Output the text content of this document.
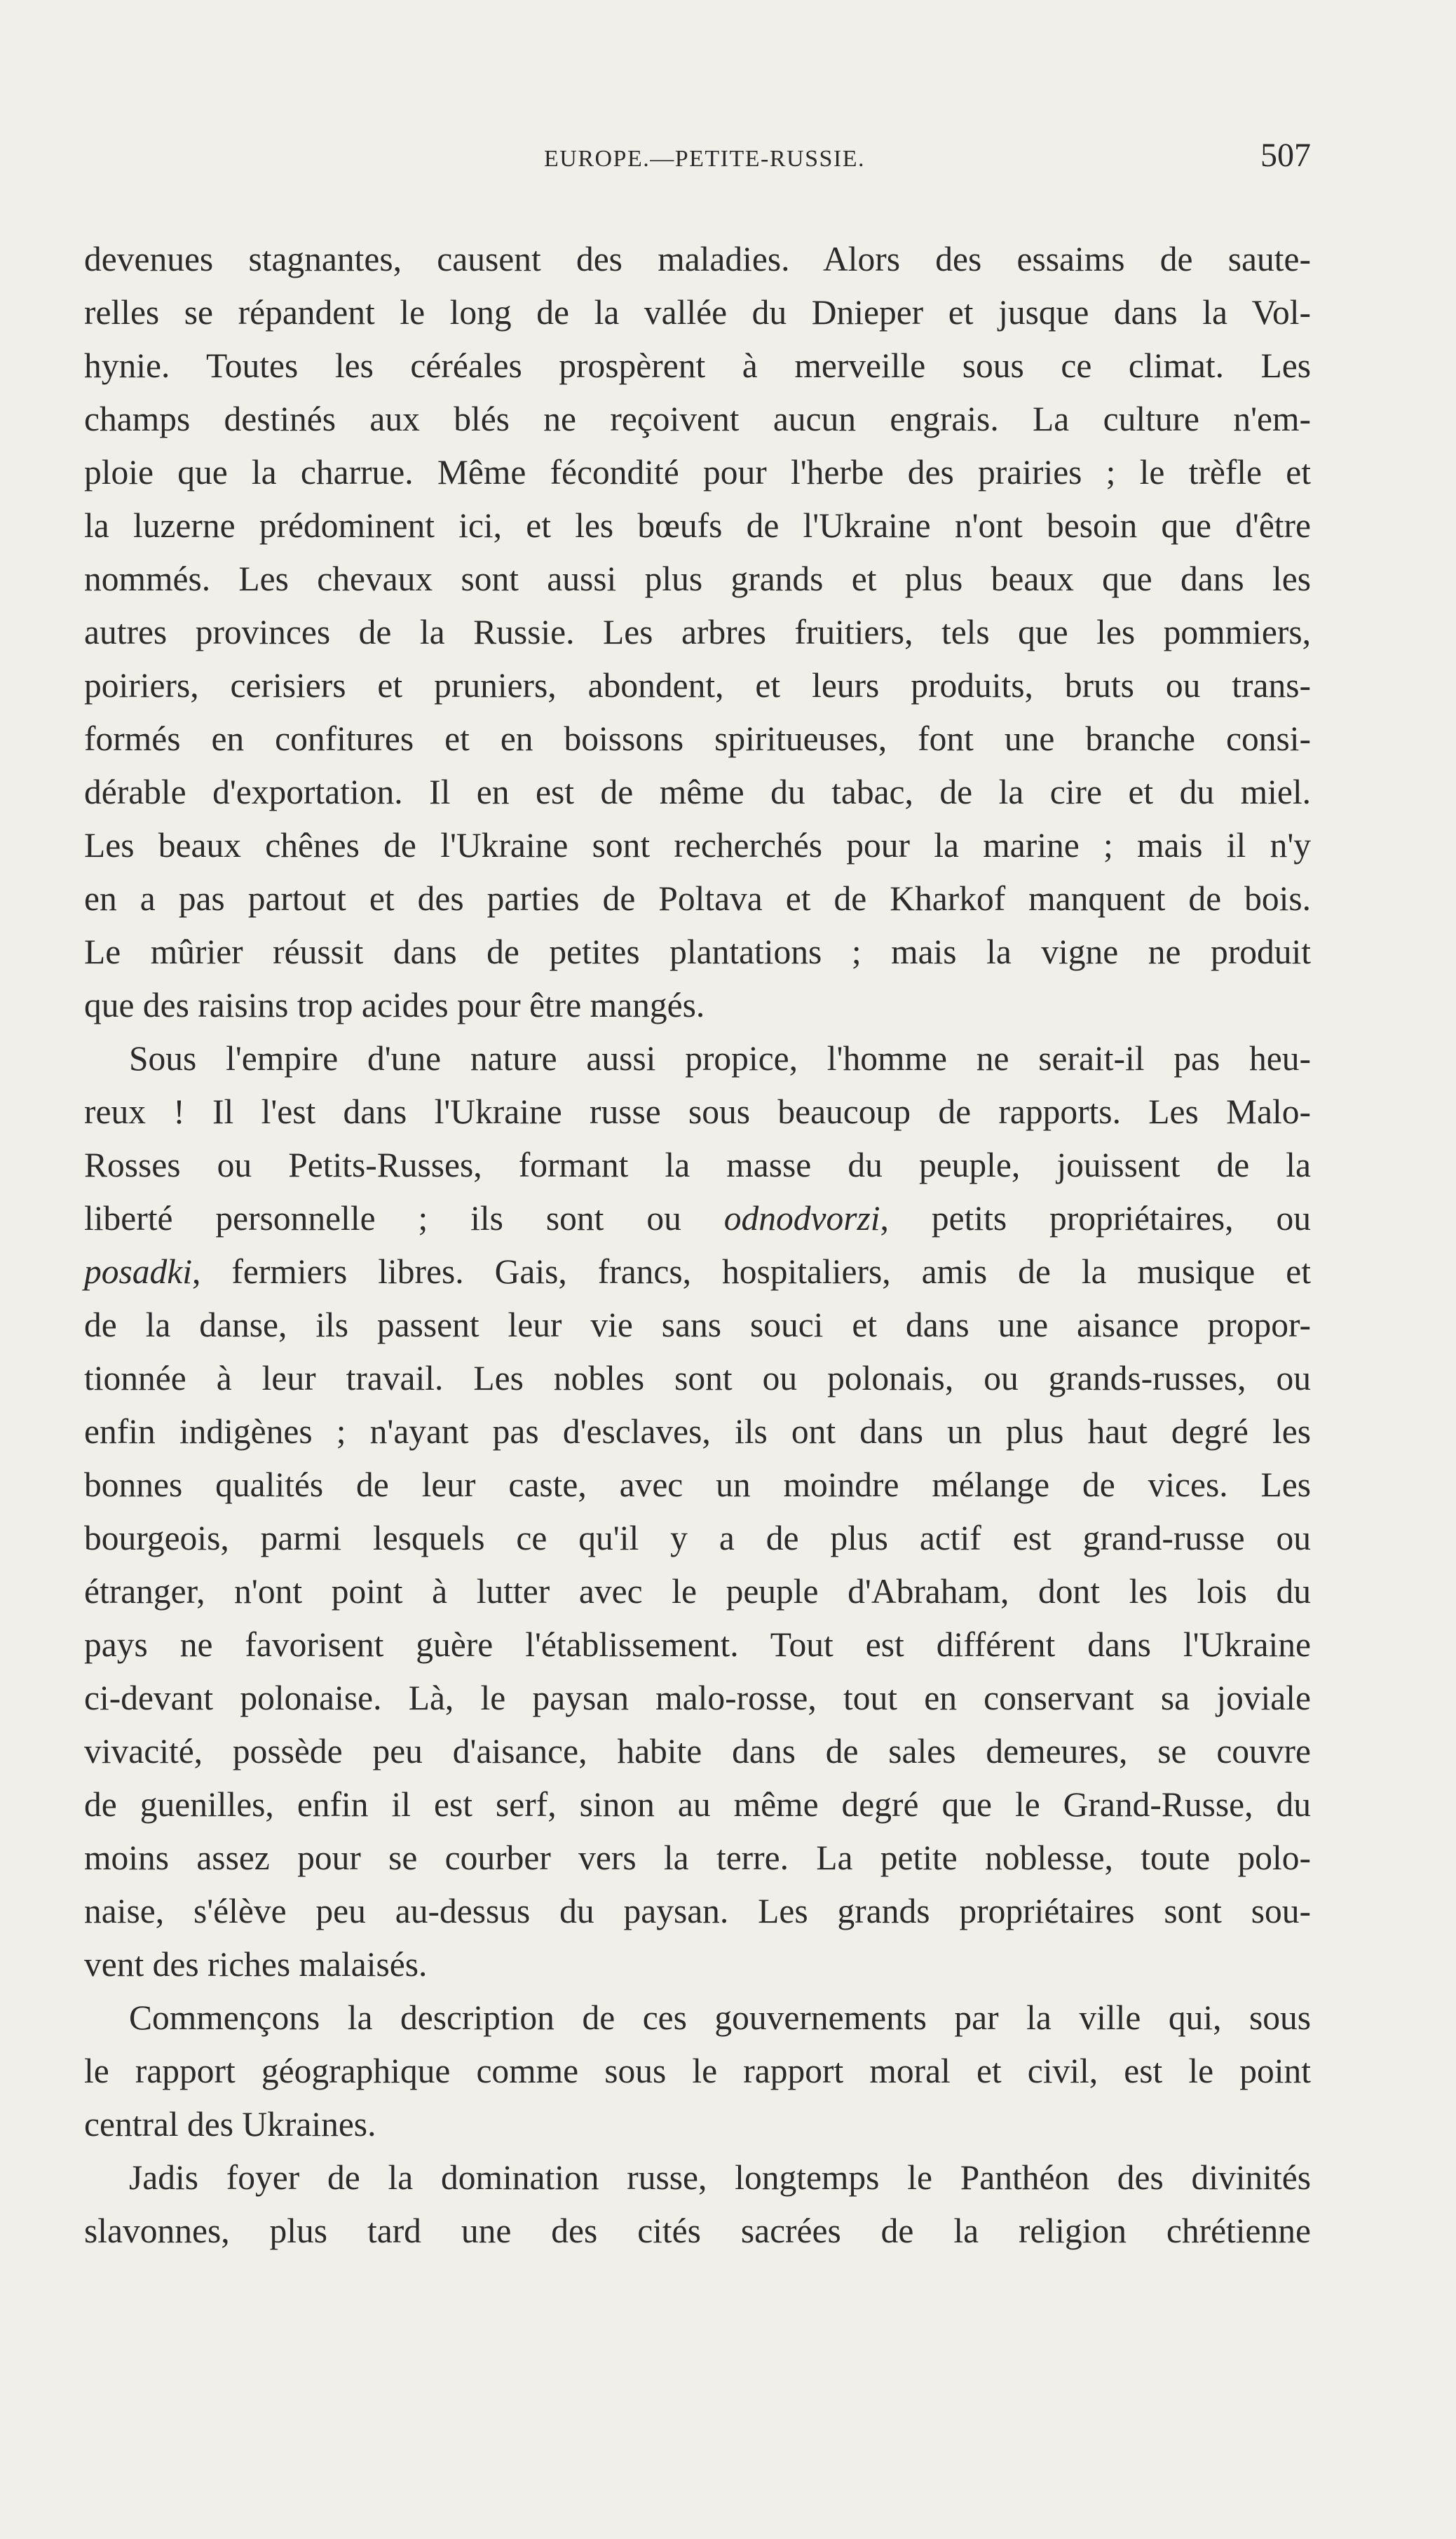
EUROPE.—PETITE-RUSSIE.	507
devenues stagnantes, causent des maladies. Alors des essaims de saute-
relles se répandent le long de la vallée du Dnieper et jusque dans la Vol-
hynie. Toutes les céréales prospèrent à merveille sous ce climat. Les
champs destinés aux blés ne reçoivent aucun engrais. La culture n'em-
ploie que la charrue. Même fécondité pour l'herbe des prairies ; le trèfle et
la luzerne prédominent ici, et les bœufs de l'Ukraine n'ont besoin que d'être
nommés. Les chevaux sont aussi plus grands et plus beaux que dans les
autres provinces de la Russie. Les arbres fruitiers, tels que les pommiers,
poiriers, cerisiers et pruniers, abondent, et leurs produits, bruts ou trans-
formés en confitures et en boissons spiritueuses, font une branche consi-
dérable d'exportation. Il en est de même du tabac, de la cire et du miel.
Les beaux chênes de l'Ukraine sont recherchés pour la marine ; mais il n'y
en a pas partout et des parties de Poltava et de Kharkof manquent de bois.
Le mûrier réussit dans de petites plantations ; mais la vigne ne produit
que des raisins trop acides pour être mangés.
Sous l'empire d'une nature aussi propice, l'homme ne serait-il pas heu-
reux ! Il l'est dans l'Ukraine russe sous beaucoup de rapports. Les Malo-
Rosses ou Petits-Russes, formant la masse du peuple, jouissent de la
liberté personnelle ; ils sont ou odnodvorzi, petits propriétaires, ou
posadki, fermiers libres. Gais, francs, hospitaliers, amis de la musique et
de la danse, ils passent leur vie sans souci et dans une aisance propor-
tionnée à leur travail. Les nobles sont ou polonais, ou grands-russes, ou
enfin indigènes ; n'ayant pas d'esclaves, ils ont dans un plus haut degré les
bonnes qualités de leur caste, avec un moindre mélange de vices. Les
bourgeois, parmi lesquels ce qu'il y a de plus actif est grand-russe ou
étranger, n'ont point à lutter avec le peuple d'Abraham, dont les lois du
pays ne favorisent guère l'établissement. Tout est différent dans l'Ukraine
ci-devant polonaise. Là, le paysan malo-rosse, tout en conservant sa joviale
vivacité, possède peu d'aisance, habite dans de sales demeures, se couvre
de guenilles, enfin il est serf, sinon au même degré que le Grand-Russe, du
moins assez pour se courber vers la terre. La petite noblesse, toute polo-
naise, s'élève peu au-dessus du paysan. Les grands propriétaires sont sou-
vent des riches malaisés.
Commençons la description de ces gouvernements par la ville qui, sous
le rapport géographique comme sous le rapport moral et civil, est le point
central des Ukraines.
Jadis foyer de la domination russe, longtemps le Panthéon des divinités
slavonnes, plus tard une des cités sacrées de la religion chrétienne
